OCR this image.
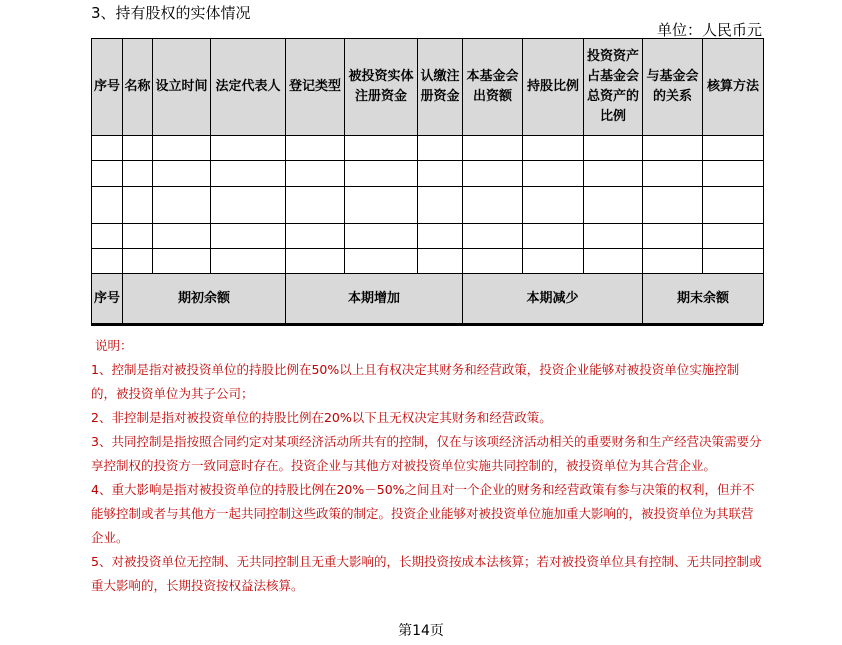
3、持有股权的实体情况
单位：人民币元
序号	名称	设立时间	法定代表人	登记类型	被投资实体注册资金	认缴注册资金	本基金会出资额	持股比例	投资资产占基金会总资产的比例	与基金会的关系	核算方法

序号	期初余额			本期增加			本期减少			期末余额	

说明：

1、控制是指对被投资单位的持股比例在50%以上且有权决定其财务和经营政策，投资企业能够对被投资单位实施控制的，被投资单位为其子公司；

2、非控制是指对被投资单位的持股比例在20%以下且无权决定其财务和经营政策。

3、共同控制是指按照合同约定对某项经济活动所共有的控制，仅在与该项经济活动相关的重要财务和生产经营决策需要分享控制权的投资方一致同意时存在。投资企业与其他方对被投资单位实施共同控制的，被投资单位为其合营企业。

4、重大影响是指对被投资单位的持股比例在20%－50%之间且对一个企业的财务和经营政策有参与决策的权利，但并不能够控制或者与其他方一起共同控制这些政策的制定。投资企业能够对被投资单位施加重大影响的，被投资单位为其联营企业。

5、对被投资单位无控制、无共同控制且无重大影响的，长期投资按成本法核算；若对被投资单位具有控制、无共同控制或重大影响的，长期投资按权益法核算。

第14页
